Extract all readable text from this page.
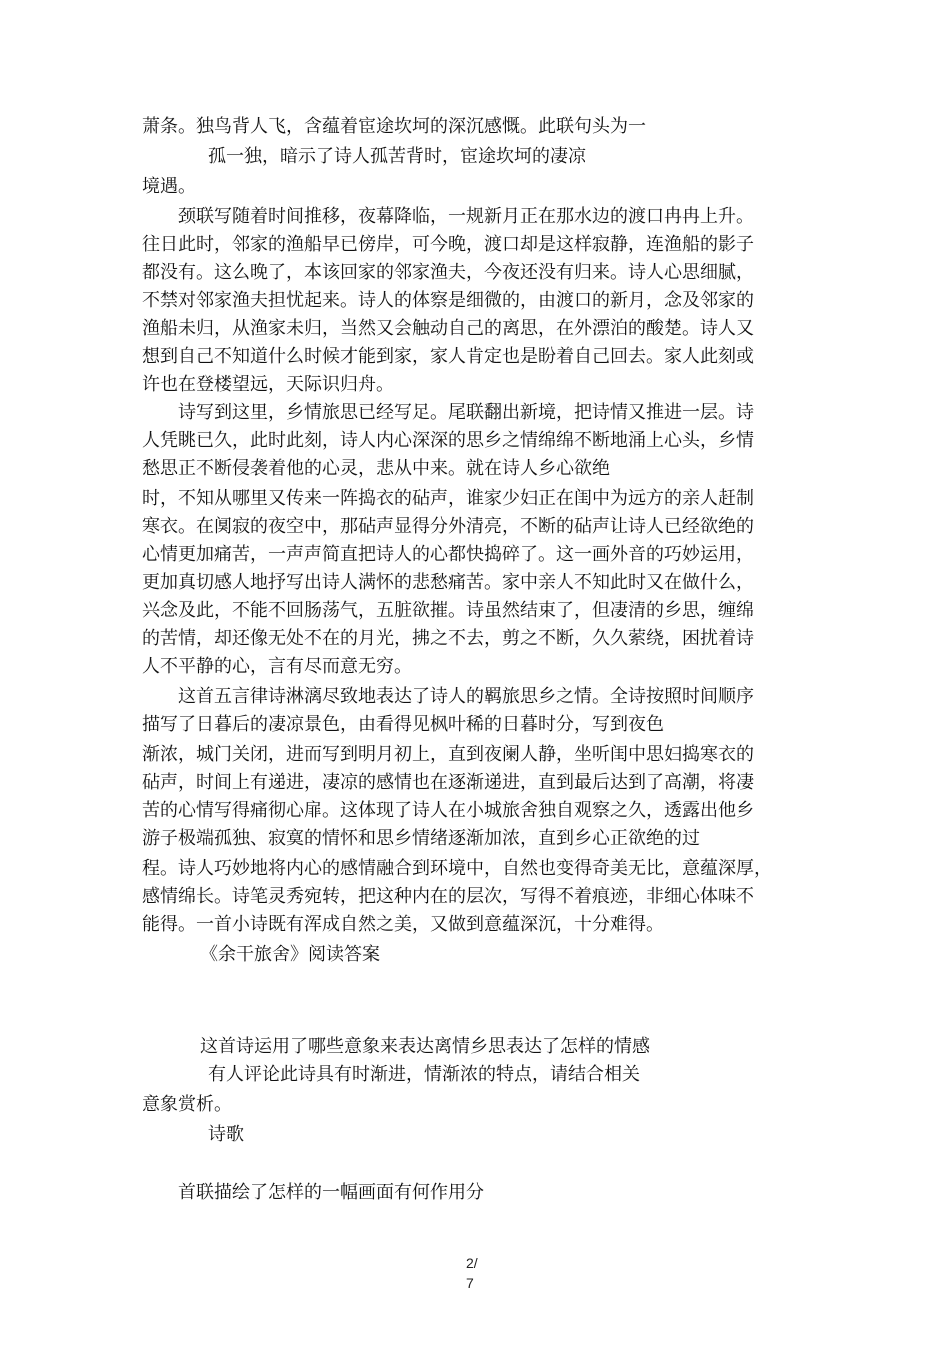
萧条。独鸟背人飞，含蕴着宦途坎坷的深沉感慨。此联句头为一
孤一独，暗示了诗人孤苦背时，宦途坎坷的凄凉
境遇。
颈联写随着时间推移，夜幕降临，一规新月正在那水边的渡口冉冉上升。
往日此时，邻家的渔船早已傍岸，可今晚，渡口却是这样寂静，连渔船的影子
都没有。这么晚了，本该回家的邻家渔夫，今夜还没有归来。诗人心思细腻，
不禁对邻家渔夫担忧起来。诗人的体察是细微的，由渡口的新月，念及邻家的
渔船未归，从渔家未归，当然又会触动自己的离思，在外漂泊的酸楚。诗人又
想到自己不知道什么时候才能到家，家人肯定也是盼着自己回去。家人此刻或
许也在登楼望远，天际识归舟。
诗写到这里，乡情旅思已经写足。尾联翻出新境，把诗情又推进一层。诗
人凭眺已久，此时此刻，诗人内心深深的思乡之情绵绵不断地涌上心头，乡情
愁思正不断侵袭着他的心灵，悲从中来。就在诗人乡心欲绝
时，不知从哪里又传来一阵捣衣的砧声，谁家少妇正在闺中为远方的亲人赶制
寒衣。在阒寂的夜空中，那砧声显得分外清亮，不断的砧声让诗人已经欲绝的
心情更加痛苦，一声声简直把诗人的心都快捣碎了。这一画外音的巧妙运用，
更加真切感人地抒写出诗人满怀的悲愁痛苦。家中亲人不知此时又在做什么，
兴念及此，不能不回肠荡气，五脏欲摧。诗虽然结束了，但凄清的乡思，缠绵
的苦情，却还像无处不在的月光，拂之不去，剪之不断，久久萦绕，困扰着诗
人不平静的心，言有尽而意无穷。
这首五言律诗淋漓尽致地表达了诗人的羁旅思乡之情。全诗按照时间顺序
描写了日暮后的凄凉景色，由看得见枫叶稀的日暮时分，写到夜色
渐浓，城门关闭，进而写到明月初上，直到夜阑人静，坐听闺中思妇捣寒衣的
砧声，时间上有递进，凄凉的感情也在逐渐递进，直到最后达到了高潮，将凄
苦的心情写得痛彻心扉。这体现了诗人在小城旅舍独自观察之久，透露出他乡
游子极端孤独、寂寞的情怀和思乡情绪逐渐加浓，直到乡心正欲绝的过
程。诗人巧妙地将内心的感情融合到环境中，自然也变得奇美无比，意蕴深厚，
感情绵长。诗笔灵秀宛转，把这种内在的层次，写得不着痕迹，非细心体味不
能得。一首小诗既有浑成自然之美，又做到意蕴深沉，十分难得。
《余干旅舍》阅读答案
这首诗运用了哪些意象来表达离情乡思表达了怎样的情感
有人评论此诗具有时渐进，情渐浓的特点，请结合相关
意象赏析。
诗歌
首联描绘了怎样的一幅画面有何作用分
2/
7
